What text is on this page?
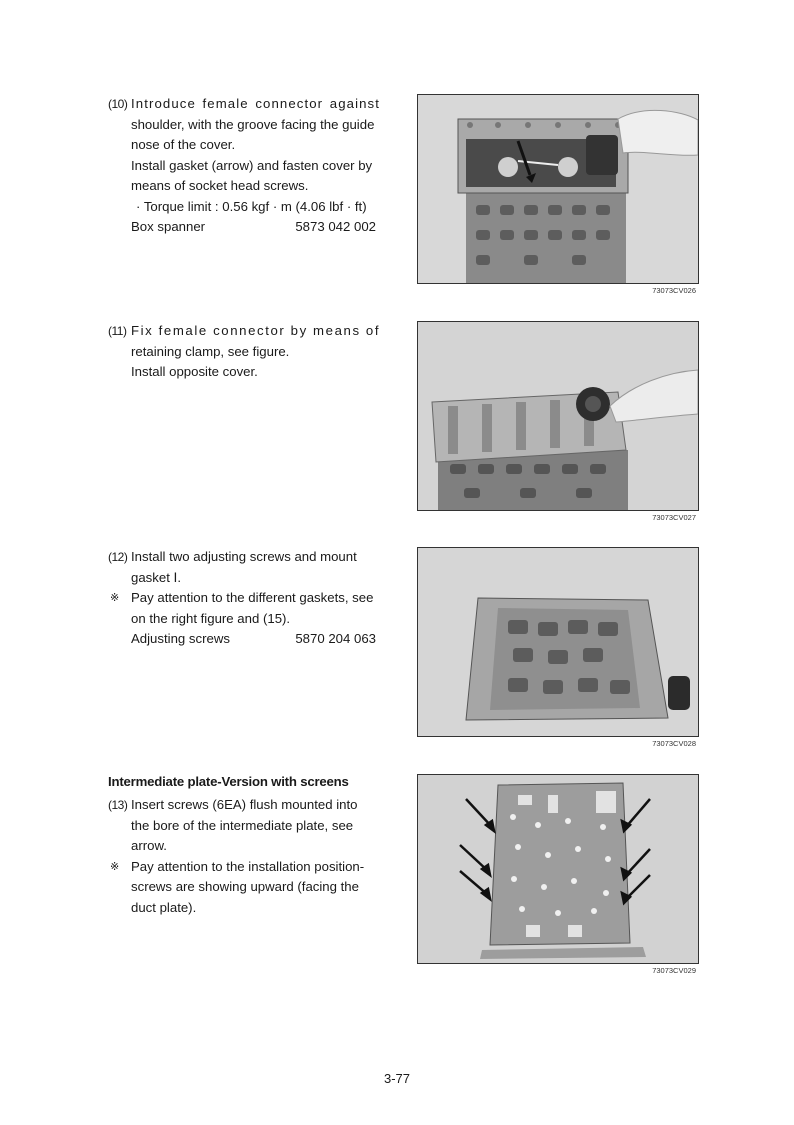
(10) Introduce female connector against
shoulder, with the groove facing the guide
nose of the cover.
Install gasket (arrow) and fasten cover by
means of socket head screws.
· Torque limit : 0.56 kgf · m (4.06 lbf · ft)
Box spanner	5873 042 002
(11) Fix female connector by means of
retaining clamp, see figure.
Install opposite cover.
(12) Install two adjusting screws and mount
gasket Ⅰ.
※ Pay attention to the different gaskets, see
on the right figure and (15).
Adjusting screws	5870 204 063
Intermediate plate-Version with screens
(13) Insert screws (6EA) flush mounted into
the bore of the intermediate plate, see
arrow.
※ Pay attention to the installation position-
screws are showing upward (facing the
duct plate).
73073CV026
73073CV027
73073CV028
73073CV029
3-77
